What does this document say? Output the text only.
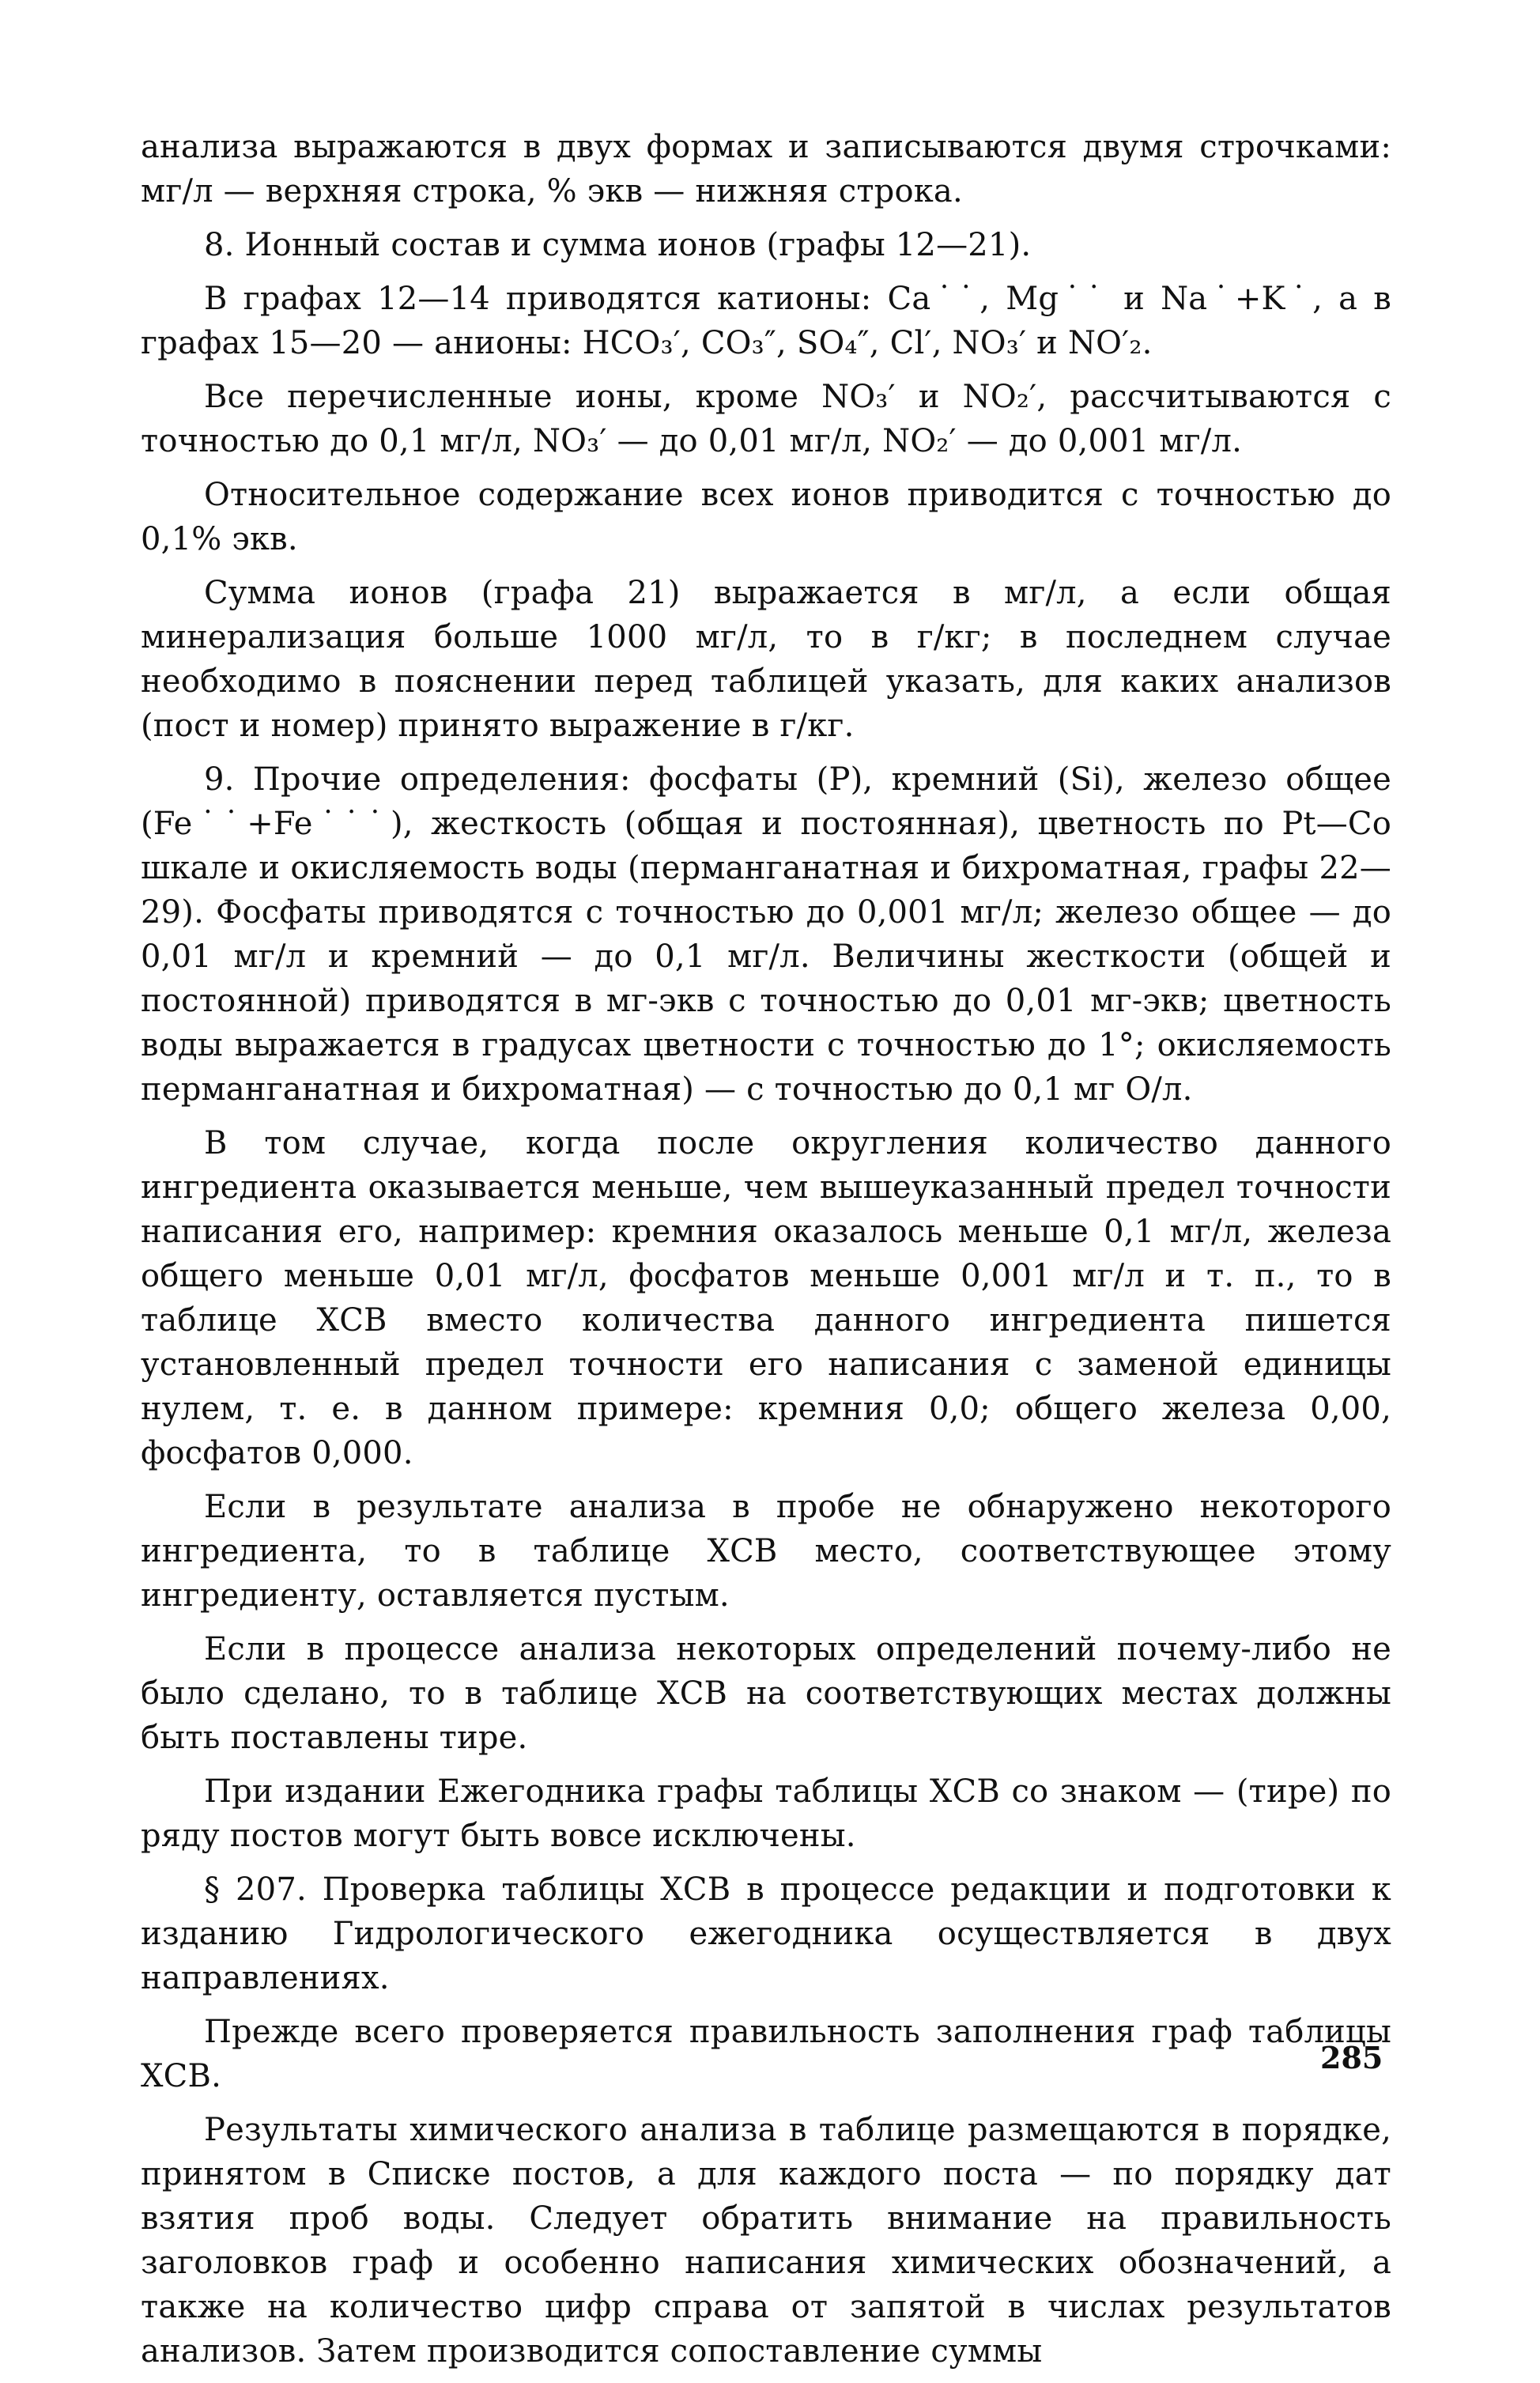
анализа выражаются в двух формах и записываются двумя строчками: мг/л — верхняя строка, % экв — нижняя строка.

8. Ионный состав и сумма ионов (графы 12—21).

В графах 12—14 приводятся катионы: Ca˙˙, Mg˙˙ и Na˙+K˙, а в графах 15—20 — анионы: HCO₃′, CO₃″, SO₄″, Cl′, NO₃′ и NO′₂.

Все перечисленные ионы, кроме NO₃′ и NO₂′, рассчитываются с точностью до 0,1 мг/л, NO₃′ — до 0,01 мг/л, NO₂′ — до 0,001 мг/л.

Относительное содержание всех ионов приводится с точностью до 0,1% экв.

Сумма ионов (графа 21) выражается в мг/л, а если общая минерализация больше 1000 мг/л, то в г/кг; в последнем случае необходимо в пояснении перед таблицей указать, для каких анализов (пост и номер) принято выражение в г/кг.

9. Прочие определения: фосфаты (P), кремний (Si), железо общее (Fe˙˙+Fe˙˙˙), жесткость (общая и постоянная), цветность по Pt—Co шкале и окисляемость воды (перманганатная и бихроматная, графы 22—29). Фосфаты приводятся с точностью до 0,001 мг/л; железо общее — до 0,01 мг/л и кремний — до 0,1 мг/л. Величины жесткости (общей и постоянной) приводятся в мг-экв с точностью до 0,01 мг-экв; цветность воды выражается в градусах цветности с точностью до 1°; окисляемость перманганатная и бихроматная) — с точностью до 0,1 мг O/л.

В том случае, когда после округления количество данного ингредиента оказывается меньше, чем вышеуказанный предел точности написания его, например: кремния оказалось меньше 0,1 мг/л, железа общего меньше 0,01 мг/л, фосфатов меньше 0,001 мг/л и т. п., то в таблице ХСВ вместо количества данного ингредиента пишется установленный предел точности его написания с заменой единицы нулем, т. е. в данном примере: кремния 0,0; общего железа 0,00, фосфатов 0,000.

Если в результате анализа в пробе не обнаружено некоторого ингредиента, то в таблице ХСВ место, соответствующее этому ингредиенту, оставляется пустым.

Если в процессе анализа некоторых определений почему-либо не было сделано, то в таблице ХСВ на соответствующих местах должны быть поставлены тире.

При издании Ежегодника графы таблицы ХСВ со знаком — (тире) по ряду постов могут быть вовсе исключены.

§ 207. Проверка таблицы ХСВ в процессе редакции и подготовки к изданию Гидрологического ежегодника осуществляется в двух направлениях.

Прежде всего проверяется правильность заполнения граф таблицы ХСВ.

Результаты химического анализа в таблице размещаются в порядке, принятом в Списке постов, а для каждого поста — по порядку дат взятия проб воды. Следует обратить внимание на правильность заголовков граф и особенно написания химических обозначений, а также на количество цифр справа от запятой в числах результатов анализов. Затем производится сопоставление суммы

285
